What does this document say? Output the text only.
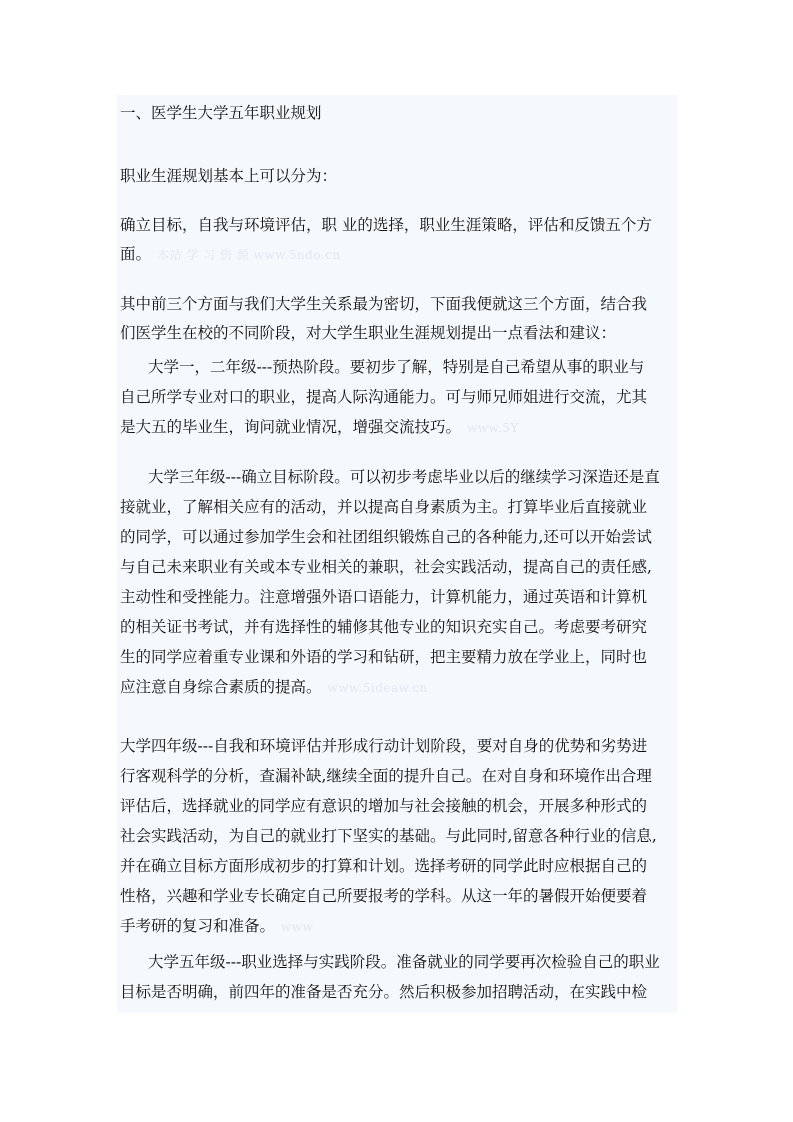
一、医学生大学五年职业规划
职业生涯规划基本上可以分为：
确立目标，自我与环境评估，职 业的选择，职业生涯策略，评估和反馈五个方
面。 本站 学 习 资 源 www.5ndo.cn
其中前三个方面与我们大学生关系最为密切，下面我便就这三个方面，结合我
们医学生在校的不同阶段，对大学生职业生涯规划提出一点看法和建议：
大学一，二年级---预热阶段。要初步了解，特别是自己希望从事的职业与
自己所学专业对口的职业，提高人际沟通能力。可与师兄师姐进行交流，尤其
是大五的毕业生，询问就业情况，增强交流技巧。 www.5Y
大学三年级---确立目标阶段。可以初步考虑毕业以后的继续学习深造还是直
接就业，了解相关应有的活动，并以提高自身素质为主。打算毕业后直接就业
的同学，可以通过参加学生会和社团组织锻炼自己的各种能力,还可以开始尝试
与自己未来职业有关或本专业相关的兼职，社会实践活动，提高自己的责任感,
主动性和受挫能力。注意增强外语口语能力，计算机能力，通过英语和计算机
的相关证书考试，并有选择性的辅修其他专业的知识充实自己。考虑要考研究
生的同学应着重专业课和外语的学习和钻研，把主要精力放在学业上，同时也
应注意自身综合素质的提高。 www.5ideaw.cn
大学四年级---自我和环境评估并形成行动计划阶段，要对自身的优势和劣势进
行客观科学的分析，查漏补缺,继续全面的提升自己。在对自身和环境作出合理
评估后，选择就业的同学应有意识的增加与社会接触的机会，开展多种形式的
社会实践活动，为自己的就业打下坚实的基础。与此同时,留意各种行业的信息,
并在确立目标方面形成初步的打算和计划。选择考研的同学此时应根据自己的
性格，兴趣和学业专长确定自己所要报考的学科。从这一年的暑假开始便要着
手考研的复习和准备。 www
大学五年级---职业选择与实践阶段。准备就业的同学要再次检验自己的职业
目标是否明确，前四年的准备是否充分。然后积极参加招聘活动，在实践中检
